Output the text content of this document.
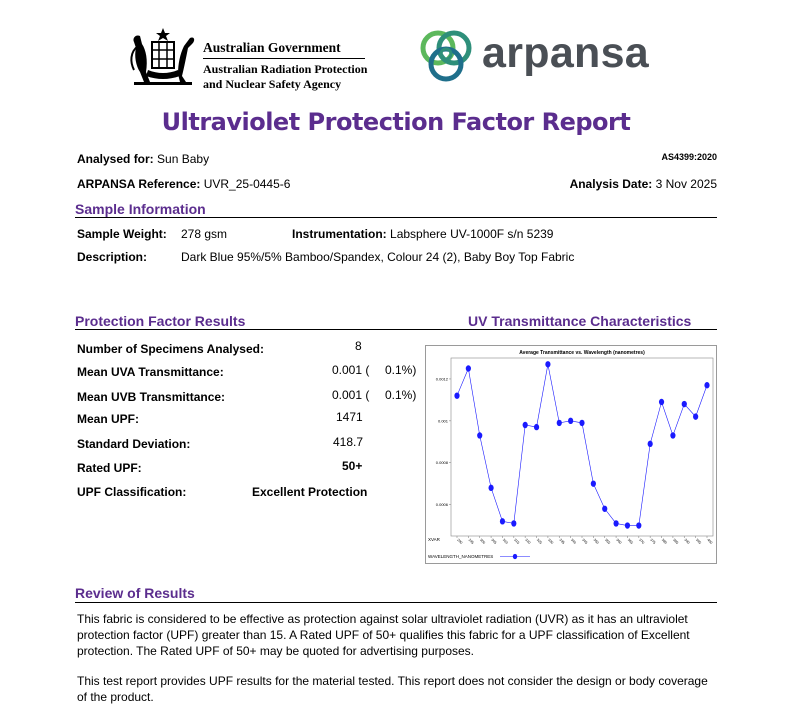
Australian Government
Australian Radiation Protection
and Nuclear Safety Agency
arpansa
Ultraviolet Protection Factor Report
Analysed for: Sun Baby	AS4399:2020
ARPANSA Reference: UVR_25-0445-6	Analysis Date: 3 Nov 2025
Sample Information
Sample Weight: 278 gsm	Instrumentation: Labsphere UV-1000F s/n 5239
Description:	Dark Blue 95%/5% Bamboo/Spandex, Colour 24 (2), Baby Boy Top Fabric
Protection Factor Results	UV Transmittance Characteristics
Number of Specimens Analysed:	8
Mean UVA Transmittance:	0.001 ( 0.1%)
Mean UVB Transmittance:	0.001 ( 0.1%)
Mean UPF:	1471
Standard Deviation:	418.7
Rated UPF:	50+
UPF Classification:	Excellent Protection
Average Transmittance vs. Wavelength (nanometres)
0.0006
0.0008
0.001
0.0012
290 295 300 305 310 315 320 325 330 335 340 345 350 355 360 365 370 375 380 385 390 395 400
XVAR
WAVELENGTH_NANOMETRES
Review of Results
This fabric is considered to be effective as protection against solar ultraviolet radiation (UVR) as it has an ultraviolet protection factor (UPF) greater than 15. A Rated UPF of 50+ qualifies this fabric for a UPF classification of Excellent protection. The Rated UPF of 50+ may be quoted for advertising purposes.
This test report provides UPF results for the material tested. This report does not consider the design or body coverage of the product.
